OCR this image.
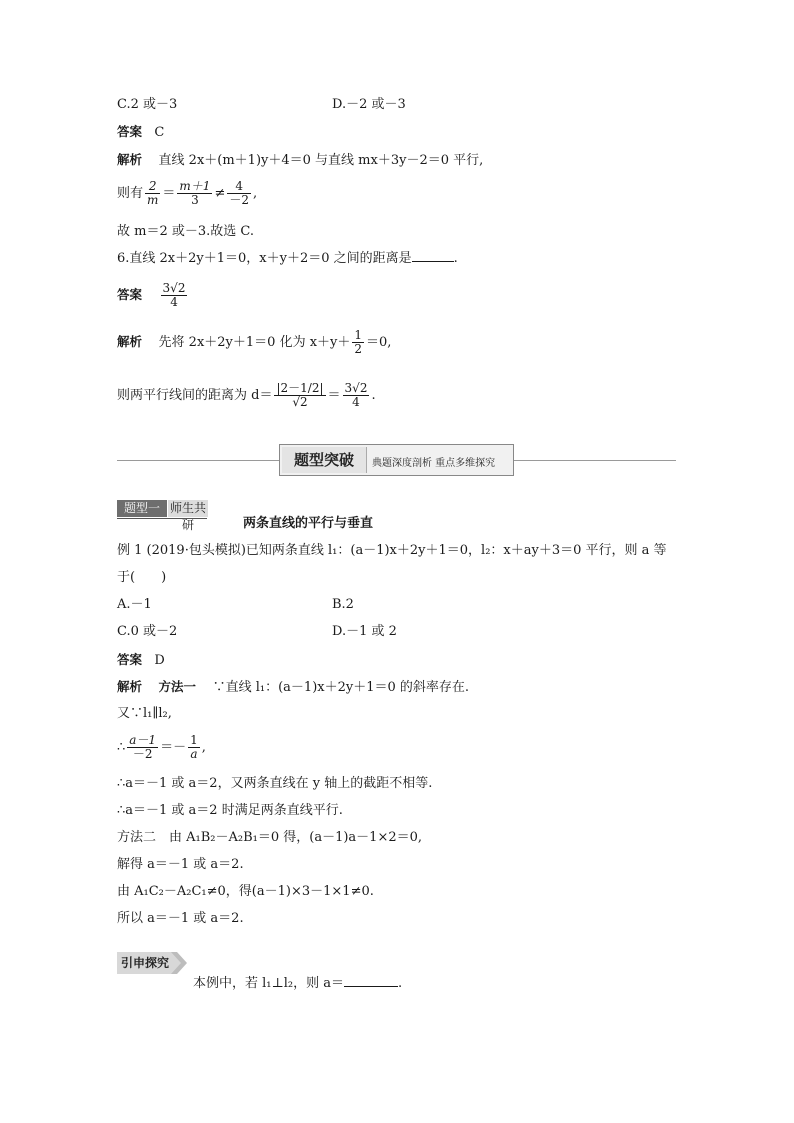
C.2 或－3	D.－2 或－3
答案 C
解析 直线 2x＋(m＋1)y＋4＝0 与直线 mx＋3y－2＝0 平行,
则有 $\frac{2}{m} = \frac{m+1}{3} \ne \frac{4}{-2}$ ,
故 m＝2 或－3.故选 C.
6.直线 2x＋2y＋1＝0，x＋y＋2＝0 之间的距离是	.
答案 $\frac{3√2}{4}$
解析 先将 2x＋2y＋1＝0 化为 $x+y+ \frac{1}{2} =0$,
则两平行线间的距离为 $d= \frac{|2-1/2|}{√2} = \frac{3√2}{4}$ .
题型突破	典题深度剖析 重点多维探究
题型一 师生共研	两条直线的平行与垂直
例 1 (2019·包头模拟)已知两条直线 l₁：(a－1)x＋2y＋1＝0，l₂：x＋ay＋3＝0 平行，则 a 等
于(　　)
A.－1	B.2
C.0 或－2	D.－1 或 2
答案 D
解析 方法一 ∵直线 l₁：(a－1)x＋2y＋1＝0 的斜率存在.
又∵l₁∥l₂,
∴ $\frac{a-1}{-2} =- \frac{1}{a}$ ,
∴a＝－1 或 a＝2，又两条直线在 y 轴上的截距不相等.
∴a＝－1 或 a＝2 时满足两条直线平行.
方法二　由 A₁B₂－A₂B₁＝0 得，(a－1)a－1×2＝0,
解得 a＝－1 或 a＝2.
由 A₁C₂－A₂C₁≠0，得(a－1)×3－1×1≠0.
所以 a＝－1 或 a＝2.
引申探究
本例中，若 l₁⊥l₂，则 a＝	.
